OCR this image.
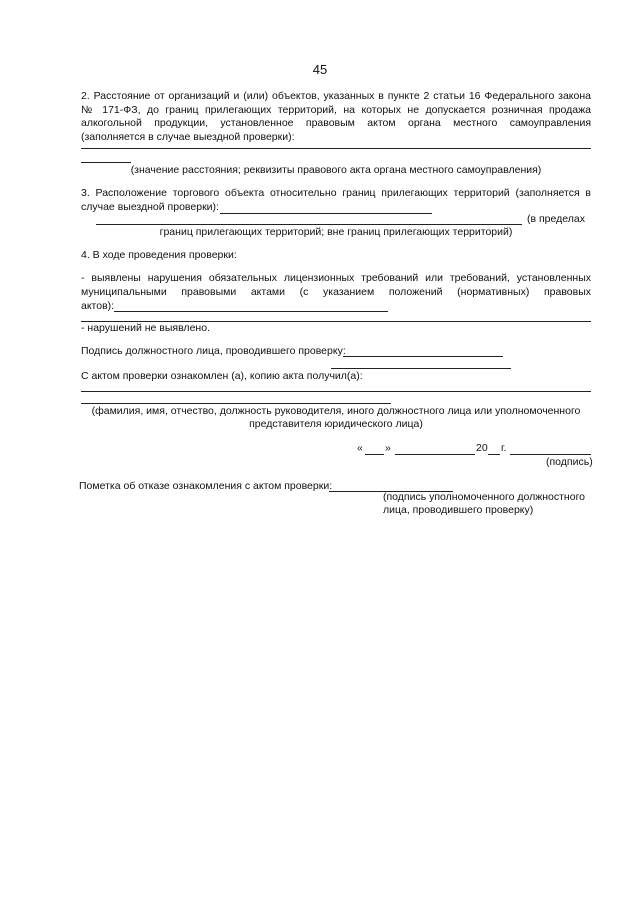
45
2. Расстояние от организаций и (или) объектов, указанных в пункте 2 статьи 16 Федерального закона № 171-ФЗ, до границ прилегающих территорий, на которых не допускается розничная продажа алкогольной продукции, установленное правовым актом органа местного самоуправления (заполняется в случае выездной проверки):
(значение расстояния; реквизиты правового акта органа местного самоуправления)
3. Расположение торгового объекта относительно границ прилегающих территорий (заполняется в
случае выездной проверки):
(в пределах
границ прилегающих территорий; вне границ прилегающих территорий)
4. В ходе проведения проверки:
- выявлены нарушения обязательных лицензионных требований или требований, установленных
муниципальными правовыми актами (с указанием положений (нормативных) правовых
актов):
- нарушений не выявлено.
Подпись должностного лица, проводившего проверку:
С актом проверки ознакомлен (а), копию акта получил(а):
(фамилия, имя, отчество, должность руководителя, иного должностного лица или уполномоченного
представителя юридического лица)
« »	20 г.
(подпись)
Пометка об отказе ознакомления с актом проверки:
(подпись уполномоченного должностного
лица, проводившего проверку)
